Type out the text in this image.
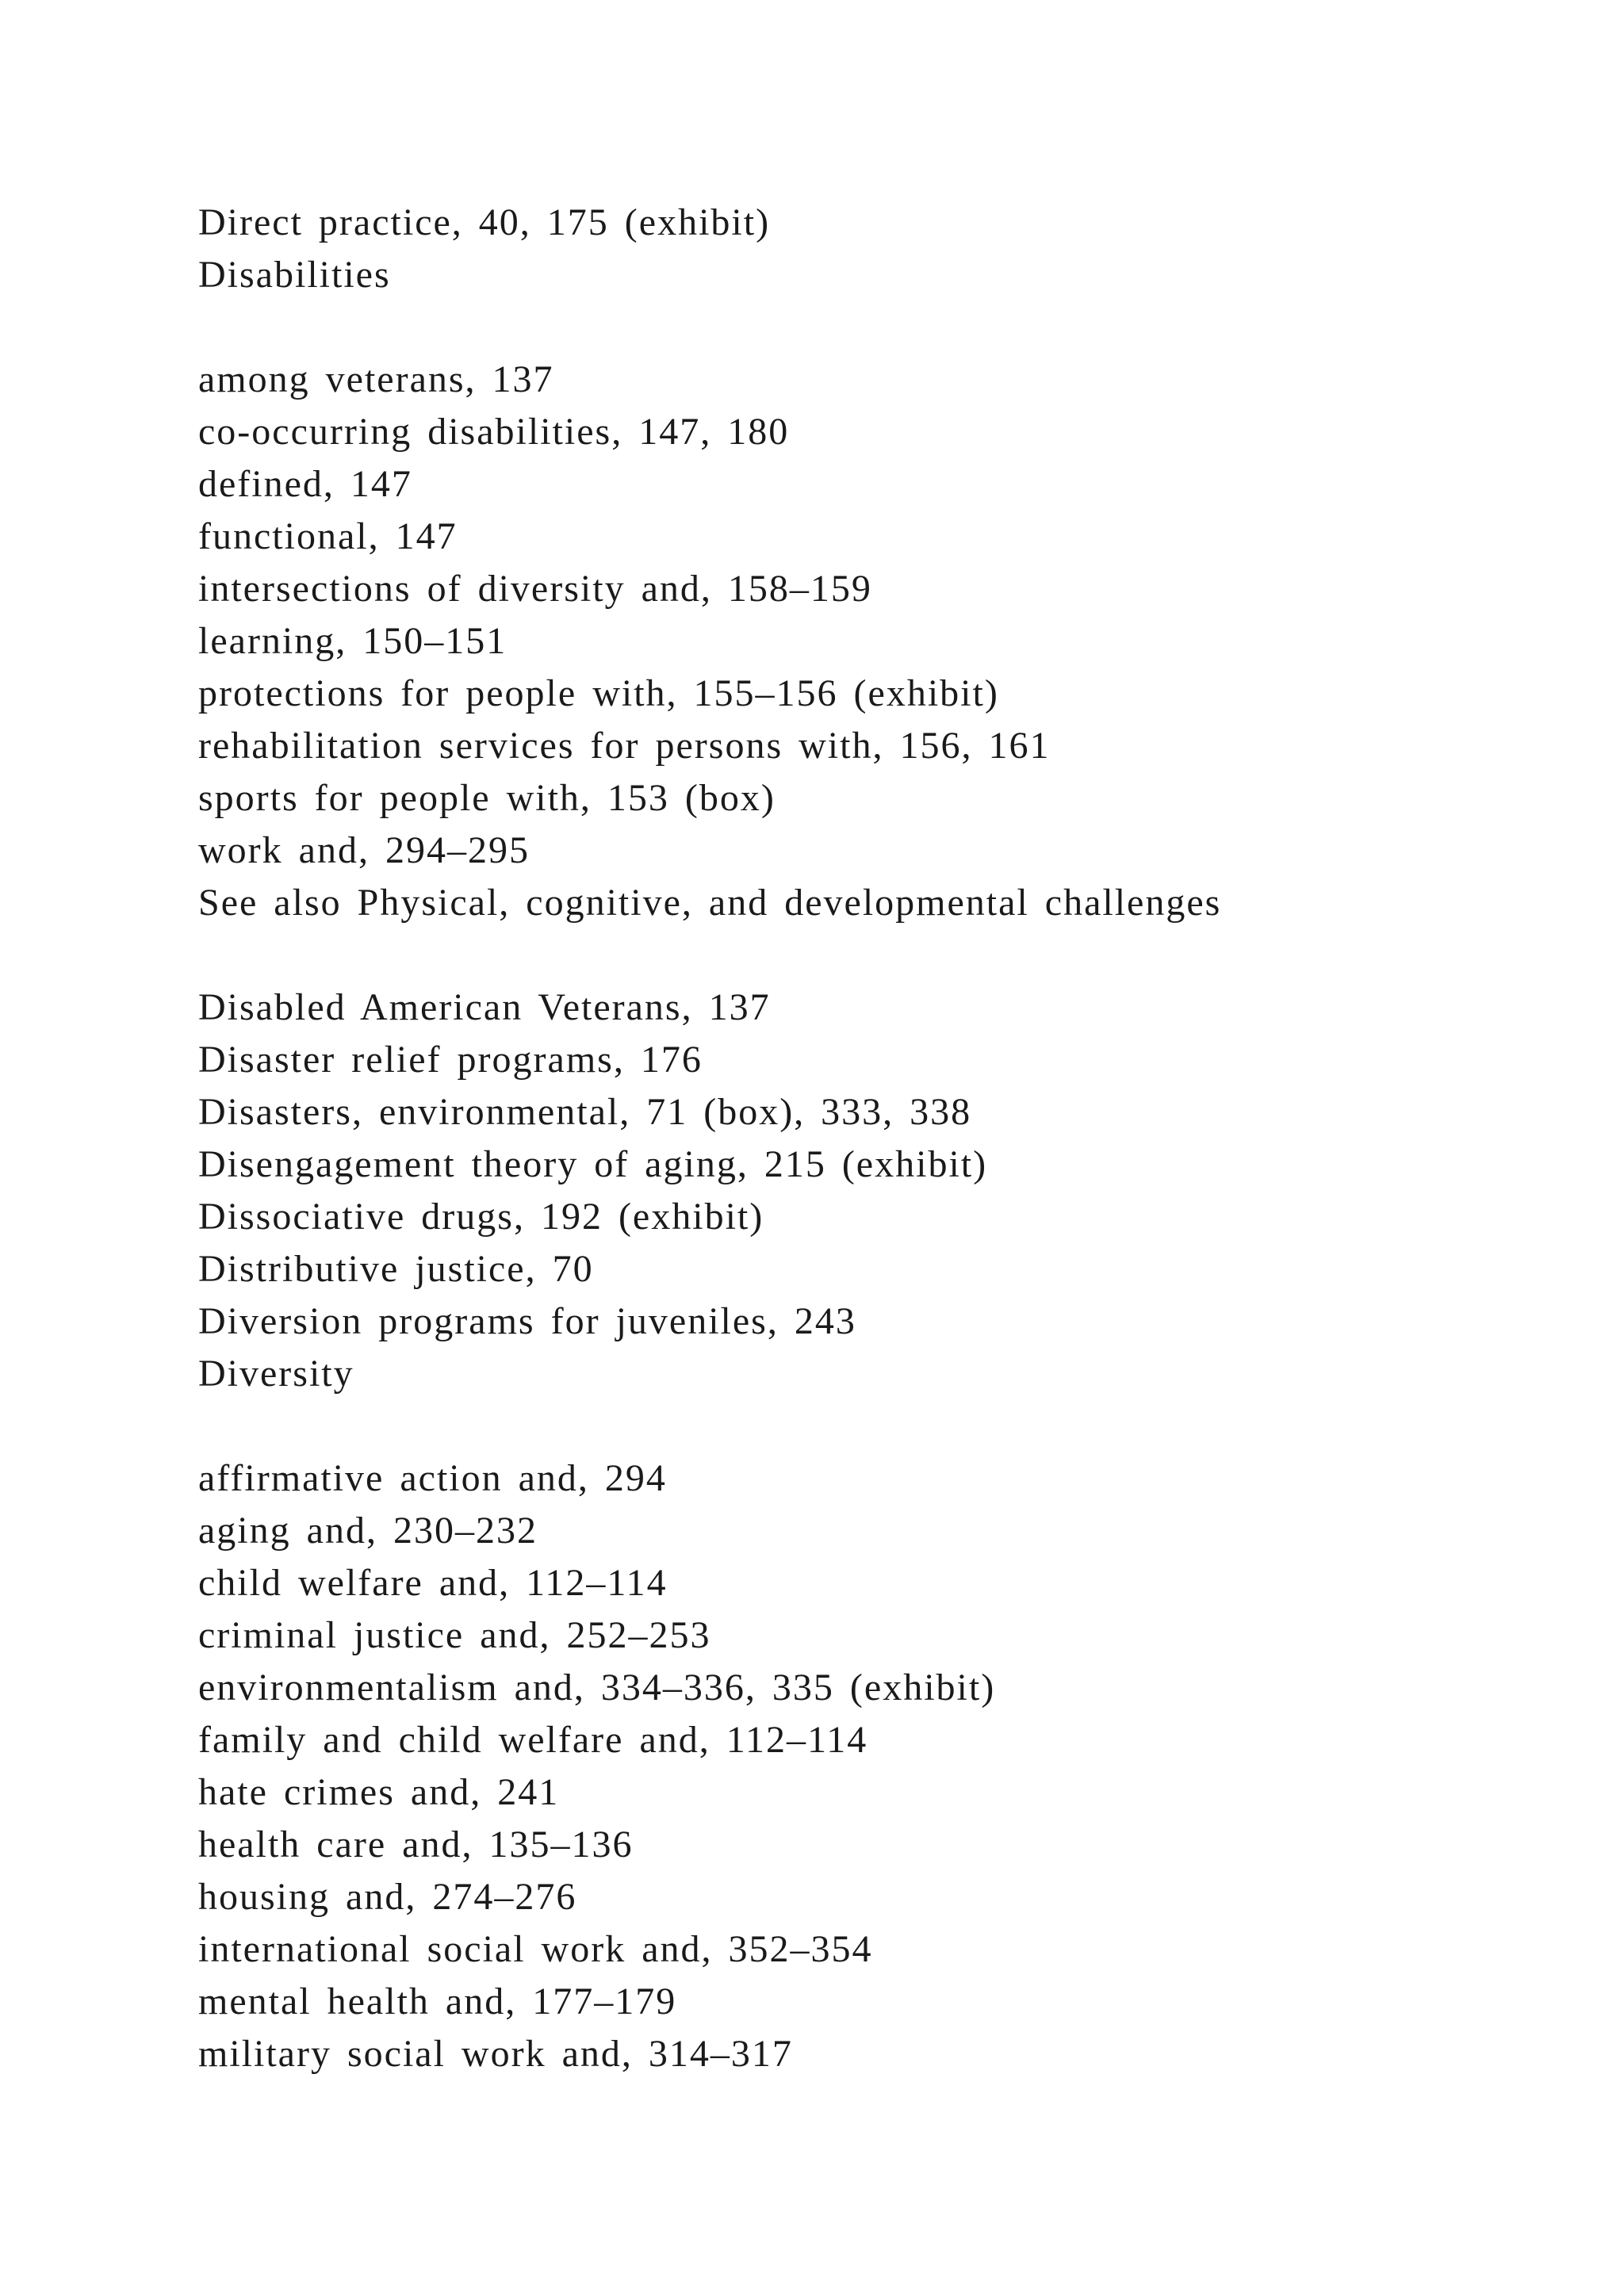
Direct practice, 40, 175 (exhibit)
Disabilities
among veterans, 137
co-occurring disabilities, 147, 180
defined, 147
functional, 147
intersections of diversity and, 158–159
learning, 150–151
protections for people with, 155–156 (exhibit)
rehabilitation services for persons with, 156, 161
sports for people with, 153 (box)
work and, 294–295
See also Physical, cognitive, and developmental challenges
Disabled American Veterans, 137
Disaster relief programs, 176
Disasters, environmental, 71 (box), 333, 338
Disengagement theory of aging, 215 (exhibit)
Dissociative drugs, 192 (exhibit)
Distributive justice, 70
Diversion programs for juveniles, 243
Diversity
affirmative action and, 294
aging and, 230–232
child welfare and, 112–114
criminal justice and, 252–253
environmentalism and, 334–336, 335 (exhibit)
family and child welfare and, 112–114
hate crimes and, 241
health care and, 135–136
housing and, 274–276
international social work and, 352–354
mental health and, 177–179
military social work and, 314–317
